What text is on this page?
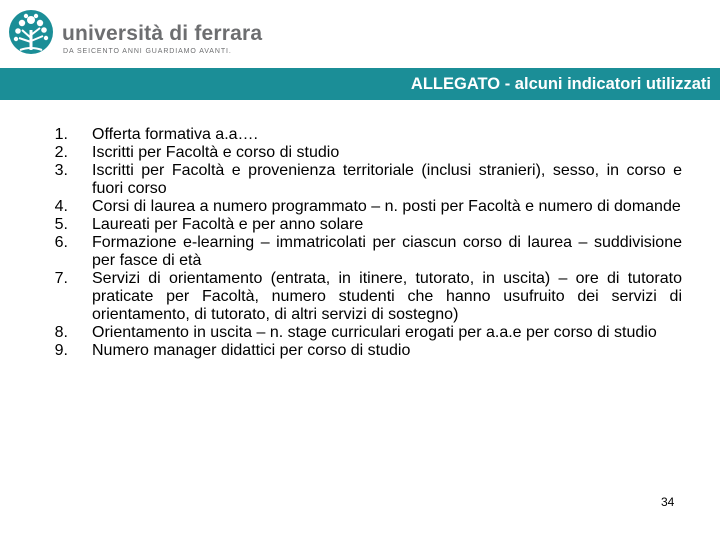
università di ferrara
DA SEICENTO ANNI GUARDIAMO AVANTI.
ALLEGATO - alcuni indicatori utilizzati
1. Offerta formativa a.a….
2. Iscritti per Facoltà e corso di studio
3. Iscritti per Facoltà e provenienza territoriale (inclusi stranieri), sesso, in corso e fuori corso
4. Corsi di laurea a numero programmato – n. posti per Facoltà e numero di domande
5. Laureati per Facoltà e per anno solare
6. Formazione e-learning – immatricolati per ciascun corso di laurea – suddivisione per fasce di età
7. Servizi di orientamento (entrata, in itinere, tutorato, in uscita) – ore di tutorato praticate per Facoltà, numero studenti che hanno usufruito dei servizi di orientamento, di tutorato, di altri servizi di sostegno)
8. Orientamento in uscita – n. stage curriculari erogati per a.a.e per corso di studio
9. Numero manager didattici per corso di studio
34
